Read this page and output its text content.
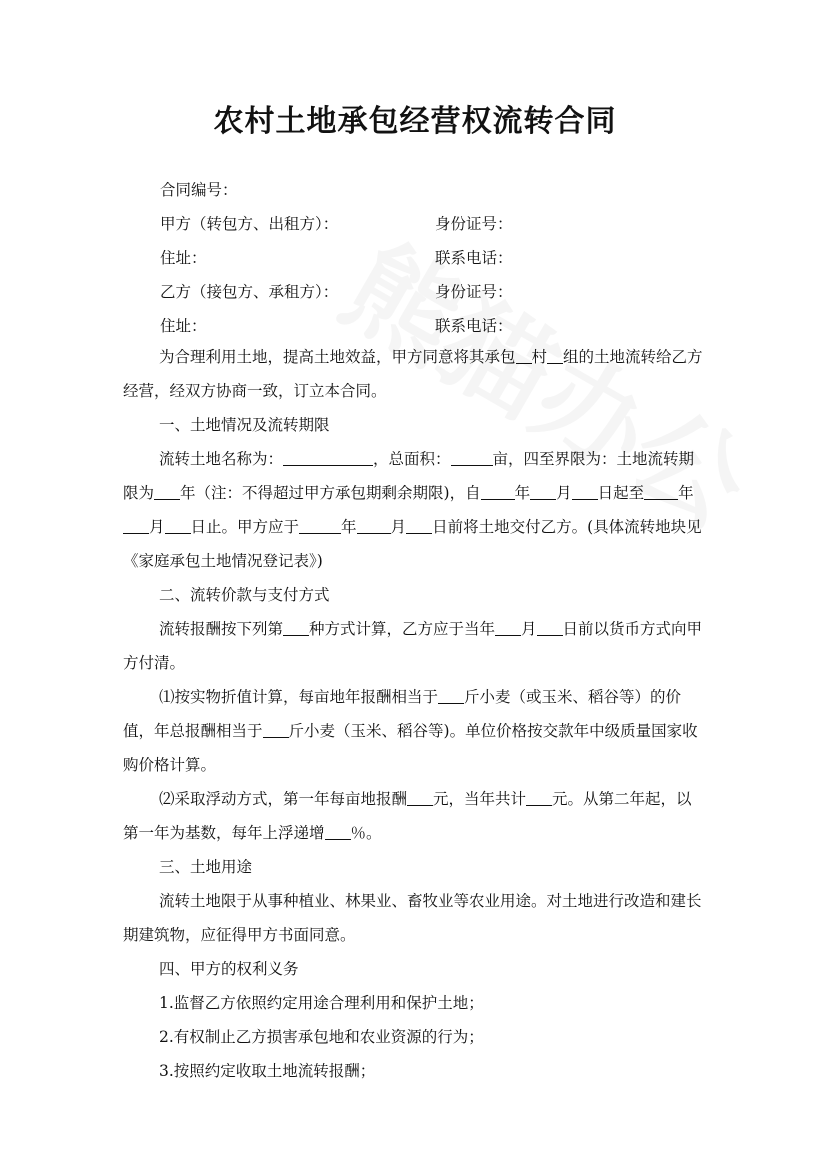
农村土地承包经营权流转合同
合同编号：
甲方（转包方、出租方）：	身份证号：
住址：	联系电话：
乙方（接包方、承租方）：	身份证号：
住址：	联系电话：
为合理利用土地，提高土地效益，甲方同意将其承包 村 组的土地流转给乙方经营，经双方协商一致，订立本合同。
一、土地情况及流转期限
流转土地名称为：	，总面积：	亩，四至界限为：土地流转期限为 年（注：不得超过甲方承包期剩余期限)，自 年 月 日起至 年月 日止。甲方应于	年 月 日前将土地交付乙方。(具体流转地块见《家庭承包土地情况登记表》)
二、流转价款与支付方式
流转报酬按下列第 种方式计算，乙方应于当年 月 日前以货币方式向甲方付清。
⑴按实物折值计算，每亩地年报酬相当于 斤小麦（或玉米、稻谷等）的价值，年总报酬相当于 斤小麦（玉米、稻谷等)。单位价格按交款年中级质量国家收购价格计算。
⑵采取浮动方式，第一年每亩地报酬 元，当年共计 元。从第二年起，以第一年为基数，每年上浮递增 ％。
三、土地用途
流转土地限于从事种植业、林果业、畜牧业等农业用途。对土地进行改造和建长期建筑物，应征得甲方书面同意。
四、甲方的权利义务
1.监督乙方依照约定用途合理利用和保护土地；
2.有权制止乙方损害承包地和农业资源的行为；
3.按照约定收取土地流转报酬；
